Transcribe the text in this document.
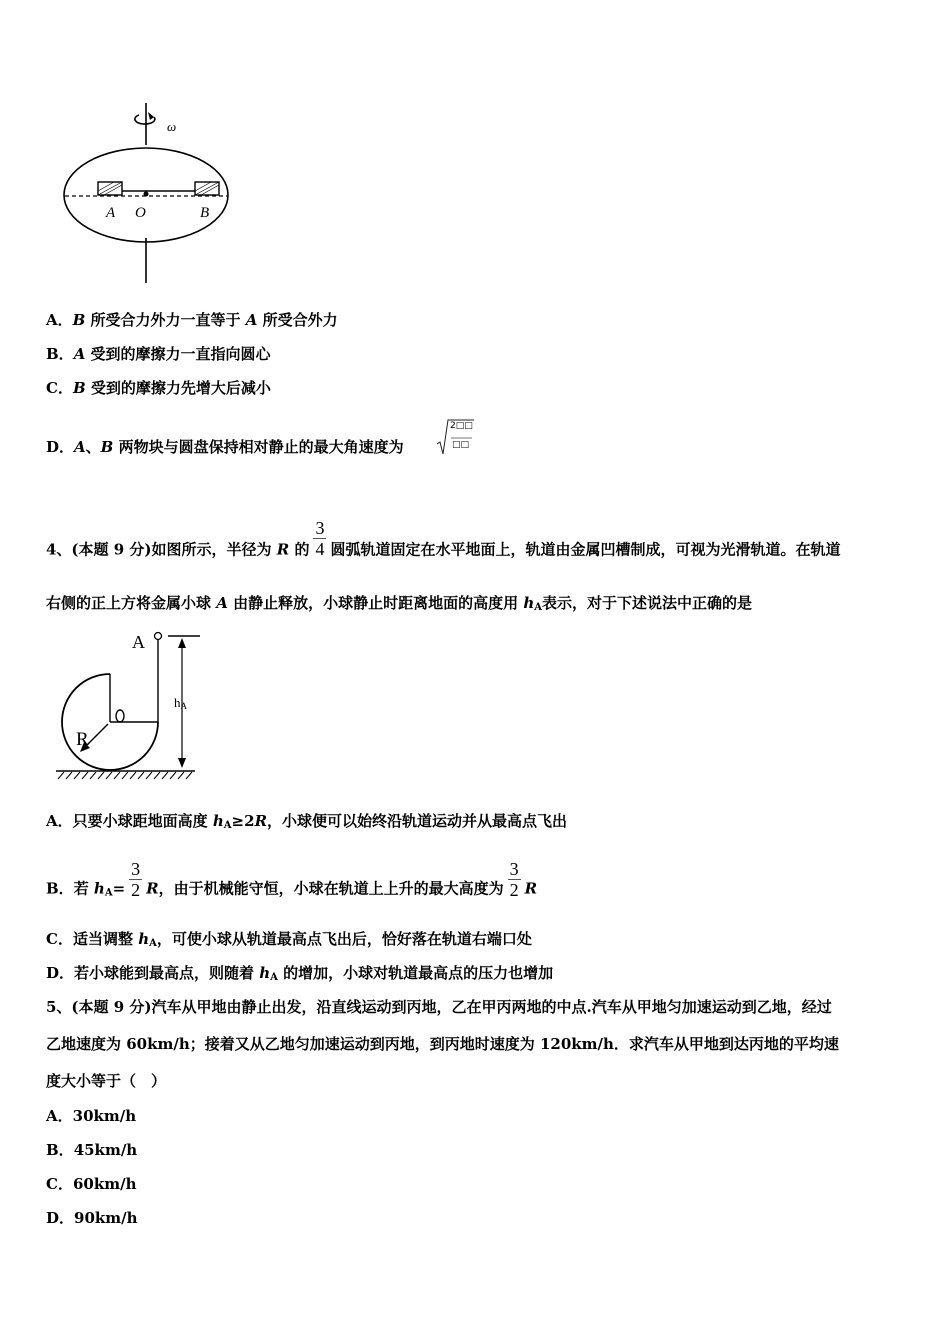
ω
A O	B
A．B 所受合力外力一直等于 A 所受合外力
B．A 受到的摩擦力一直指向圆心
C．B 受到的摩擦力先增大后减小
D．A、B 两物块与圆盘保持相对静止的最大角速度为
2□□
□□
4、(本题 9 分)如图所示，半径为 R 的 $\frac{3}{4}$ 圆弧轨道固定在水平地面上，轨道由金属凹槽制成，可视为光滑轨道。在轨道
右侧的正上方将金属小球 A 由静止释放，小球静止时距离地面的高度用 $h_A$表示，对于下述说法中正确的是
R
A
hA
A．只要小球距地面高度 $h_A\ge 2R$，小球便可以始终沿轨道运动并从最高点飞出
B．若 $h_A= \frac{3}{2}$ R，由于机械能守恒，小球在轨道上上升的最大高度为 $\frac{3}{2}$ R
C．适当调整 $h_A$，可使小球从轨道最高点飞出后，恰好落在轨道右端口处
D．若小球能到最高点，则随着 $h_A$ 的增加，小球对轨道最高点的压力也增加
5、(本题 9 分)汽车从甲地由静止出发，沿直线运动到丙地，乙在甲丙两地的中点.汽车从甲地匀加速运动到乙地，经过
乙地速度为 60km/h；接着又从乙地匀加速运动到丙地，到丙地时速度为 120km/h．求汽车从甲地到达丙地的平均速
度大小等于（　）
A．30km/h
B．45km/h
C．60km/h
D．90km/h
